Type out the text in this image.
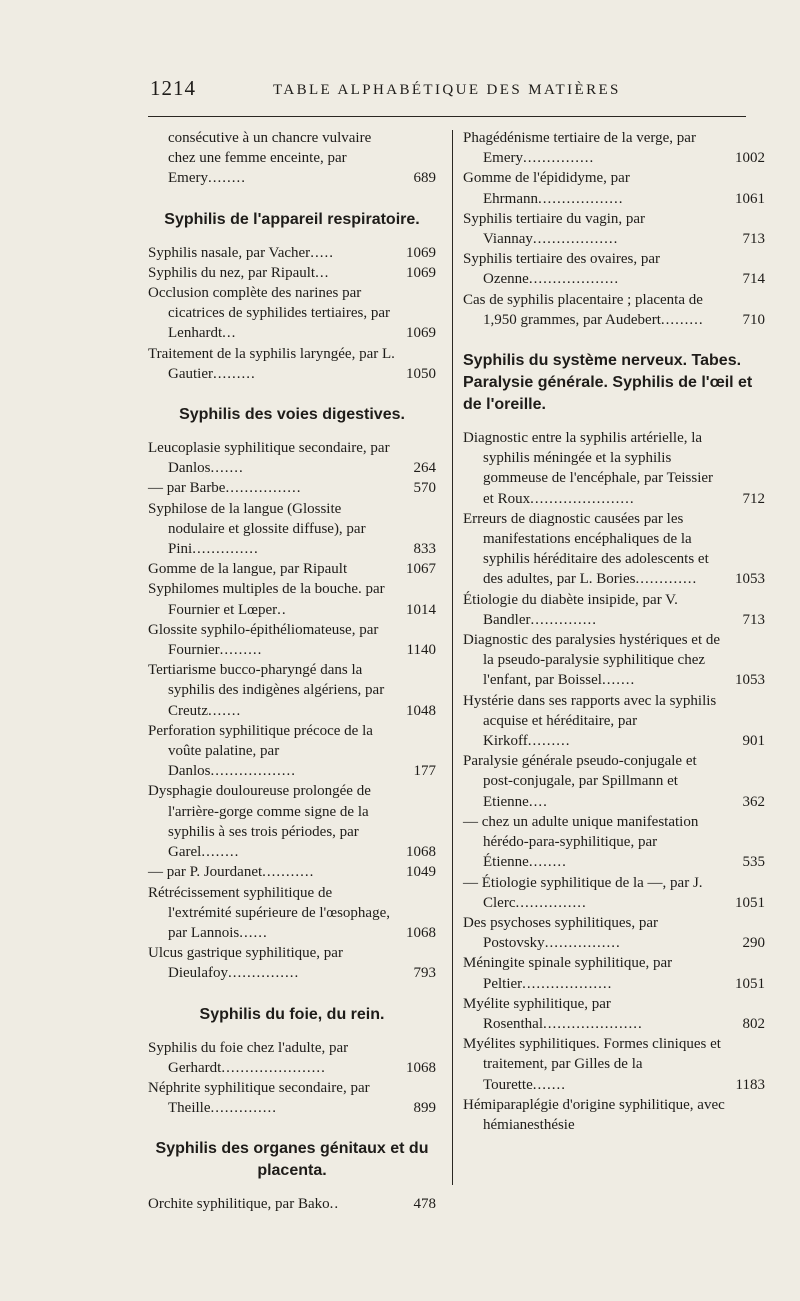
1214	TABLE ALPHABÉTIQUE DES MATIÈRES
consécutive à un chancre vulvaire chez une femme enceinte, par Emery........	689
Syphilis de l'appareil respiratoire.
Syphilis nasale, par Vacher.....	1069
Syphilis du nez, par Ripault...	1069
Occlusion complète des narines par cicatrices de syphilides tertiaires, par Lenhardt...	1069
Traitement de la syphilis laryngée, par L. Gautier.........	1050
Syphilis des voies digestives.
Leucoplasie syphilitique secondaire, par Danlos.......	264
— par Barbe................	570
Syphilose de la langue (Glossite nodulaire et glossite diffuse), par Pini..............	833
Gomme de la langue, par Ripault	1067
Syphilomes multiples de la bouche. par Fournier et Lœper..	1014
Glossite syphilo-épithéliomateuse, par Fournier.........	1140
Tertiarisme bucco-pharyngé dans la syphilis des indigènes algériens, par Creutz.......	1048
Perforation syphilitique précoce de la voûte palatine, par Danlos..................	177
Dysphagie douloureuse prolongée de l'arrière-gorge comme signe de la syphilis à ses trois périodes, par Garel........	1068
— par P. Jourdanet...........	1049
Rétrécissement syphilitique de l'extrémité supérieure de l'œsophage, par Lannois......	1068
Ulcus gastrique syphilitique, par Dieulafoy...............	793
Syphilis du foie, du rein.
Syphilis du foie chez l'adulte, par Gerhardt......................	1068
Néphrite syphilitique secondaire, par Theille..............	899
Syphilis des organes génitaux et du placenta.
Orchite syphilitique, par Bako..	478
Phagédénisme tertiaire de la verge, par Emery...............	1002
Gomme de l'épididyme, par Ehrmann..................	1061
Syphilis tertiaire du vagin, par Viannay..................	713
Syphilis tertiaire des ovaires, par Ozenne...................	714
Cas de syphilis placentaire ; placenta de 1,950 grammes, par Audebert.........	710
Syphilis du système nerveux. Tabes. Paralysie générale. Syphilis de l'œil et de l'oreille.
Diagnostic entre la syphilis artérielle, la syphilis méningée et la syphilis gommeuse de l'encéphale, par Teissier et Roux......................	712
Erreurs de diagnostic causées par les manifestations encéphaliques de la syphilis héréditaire des adolescents et des adultes, par L. Bories.............	1053
Étiologie du diabète insipide, par V. Bandler..............	713
Diagnostic des paralysies hystériques et de la pseudo-paralysie syphilitique chez l'enfant, par Boissel.......	1053
Hystérie dans ses rapports avec la syphilis acquise et héréditaire, par Kirkoff.........	901
Paralysie générale pseudo-conjugale et post-conjugale, par Spillmann et Etienne....	362
— chez un adulte unique manifestation hérédo-para-syphilitique, par Étienne........	535
— Étiologie syphilitique de la —, par J. Clerc...............	1051
Des psychoses syphilitiques, par Postovsky................	290
Méningite spinale syphilitique, par Peltier...................	1051
Myélite syphilitique, par Rosenthal.....................	802
Myélites syphilitiques. Formes cliniques et traitement, par Gilles de la Tourette.......	1183
Hémiparaplégie d'origine syphilitique, avec hémianesthésie
